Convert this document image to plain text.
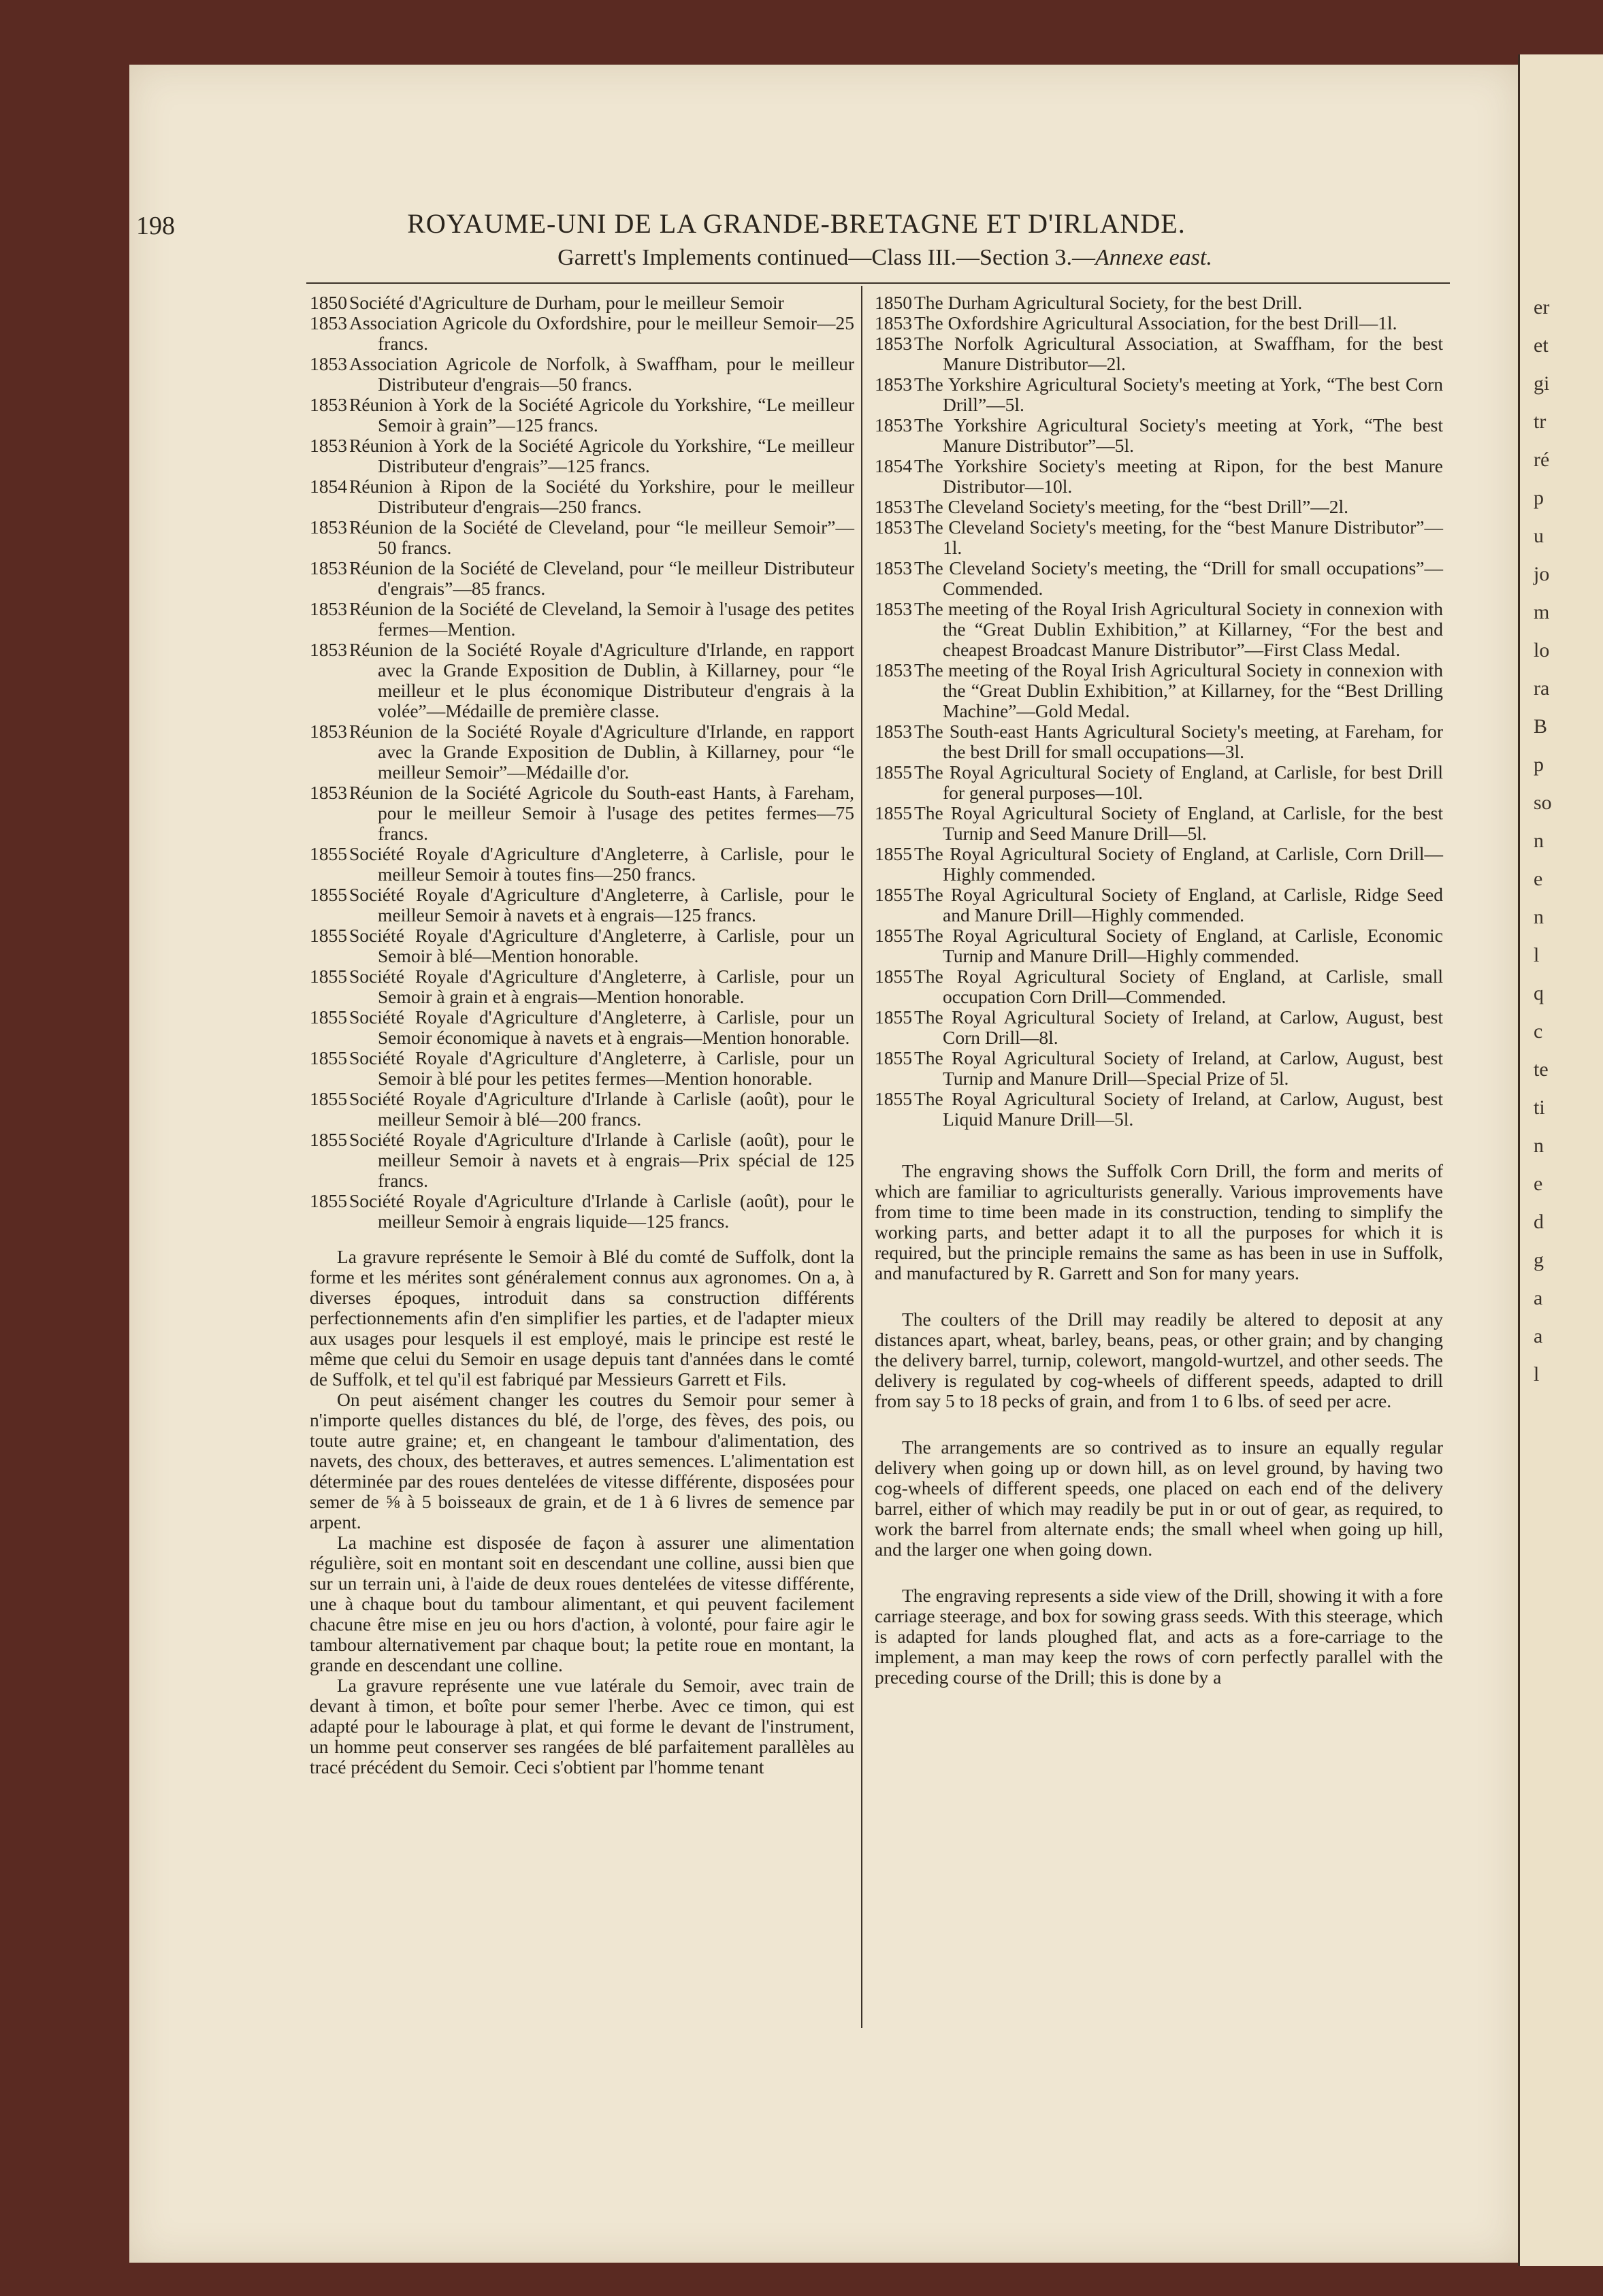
er
et
gi
tr
ré
p
u
jo
m
lo
ra
B
p
so
n
e
n
l
q
c
te
ti
n
e
d
g
a
a
l
198	ROYAUME-UNI DE LA GRANDE-BRETAGNE ET D'IRLANDE.
Garrett's Implements continued—Class III.—Section 3.—Annexe east.
1850 Société d'Agriculture de Durham, pour le meilleur Semoir
1853 Association Agricole du Oxfordshire, pour le meilleur Semoir—25 francs.
1853 Association Agricole de Norfolk, à Swaffham, pour le meilleur Distributeur d'engrais—50 francs.
1853 Réunion à York de la Société Agricole du Yorkshire, “Le meilleur Semoir à grain”—125 francs.
1853 Réunion à York de la Société Agricole du Yorkshire, “Le meilleur Distributeur d'engrais”—125 francs.
1854 Réunion à Ripon de la Société du Yorkshire, pour le meilleur Distributeur d'engrais—250 francs.
1853 Réunion de la Société de Cleveland, pour “le meilleur Semoir”—50 francs.
1853 Réunion de la Société de Cleveland, pour “le meilleur Distributeur d'engrais”—85 francs.
1853 Réunion de la Société de Cleveland, la Semoir à l'usage des petites fermes—Mention.
1853 Réunion de la Société Royale d'Agriculture d'Irlande, en rapport avec la Grande Exposition de Dublin, à Killarney, pour “le meilleur et le plus économique Distributeur d'engrais à la volée”—Médaille de première classe.
1853 Réunion de la Société Royale d'Agriculture d'Irlande, en rapport avec la Grande Exposition de Dublin, à Killarney, pour “le meilleur Semoir”—Médaille d'or.
1853 Réunion de la Société Agricole du South-east Hants, à Fareham, pour le meilleur Semoir à l'usage des petites fermes—75 francs.
1855 Société Royale d'Agriculture d'Angleterre, à Carlisle, pour le meilleur Semoir à toutes fins—250 francs.
1855 Société Royale d'Agriculture d'Angleterre, à Carlisle, pour le meilleur Semoir à navets et à engrais—125 francs.
1855 Société Royale d'Agriculture d'Angleterre, à Carlisle, pour un Semoir à blé—Mention honorable.
1855 Société Royale d'Agriculture d'Angleterre, à Carlisle, pour un Semoir à grain et à engrais—Mention honorable.
1855 Société Royale d'Agriculture d'Angleterre, à Carlisle, pour un Semoir économique à navets et à engrais—Mention honorable.
1855 Société Royale d'Agriculture d'Angleterre, à Carlisle, pour un Semoir à blé pour les petites fermes—Mention honorable.
1855 Société Royale d'Agriculture d'Irlande à Carlisle (août), pour le meilleur Semoir à blé—200 francs.
1855 Société Royale d'Agriculture d'Irlande à Carlisle (août), pour le meilleur Semoir à navets et à engrais—Prix spécial de 125 francs.
1855 Société Royale d'Agriculture d'Irlande à Carlisle (août), pour le meilleur Semoir à engrais liquide—125 francs.

La gravure représente le Semoir à Blé du comté de Suffolk, dont la forme et les mérites sont généralement connus aux agronomes. On a, à diverses époques, introduit dans sa construction différents perfectionnements afin d'en simplifier les parties, et de l'adapter mieux aux usages pour lesquels il est employé, mais le principe est resté le même que celui du Semoir en usage depuis tant d'années dans le comté de Suffolk, et tel qu'il est fabriqué par Messieurs Garrett et Fils.

On peut aisément changer les coutres du Semoir pour semer à n'importe quelles distances du blé, de l'orge, des fèves, des pois, ou toute autre graine; et, en changeant le tambour d'alimentation, des navets, des choux, des betteraves, et autres semences. L'alimentation est déterminée par des roues dentelées de vitesse différente, disposées pour semer de ⅝ à 5 boisseaux de grain, et de 1 à 6 livres de semence par arpent.

La machine est disposée de façon à assurer une alimentation régulière, soit en montant soit en descendant une colline, aussi bien que sur un terrain uni, à l'aide de deux roues dentelées de vitesse différente, une à chaque bout du tambour alimentant, et qui peuvent facilement chacune être mise en jeu ou hors d'action, à volonté, pour faire agir le tambour alternativement par chaque bout; la petite roue en montant, la grande en descendant une colline.

La gravure représente une vue latérale du Semoir, avec train de devant à timon, et boîte pour semer l'herbe. Avec ce timon, qui est adapté pour le labourage à plat, et qui forme le devant de l'instrument, un homme peut conserver ses rangées de blé parfaitement parallèles au tracé précédent du Semoir. Ceci s'obtient par l'homme tenant

1850 The Durham Agricultural Society, for the best Drill.
1853 The Oxfordshire Agricultural Association, for the best Drill—1l.
1853 The Norfolk Agricultural Association, at Swaffham, for the best Manure Distributor—2l.
1853 The Yorkshire Agricultural Society's meeting at York, “The best Corn Drill”—5l.
1853 The Yorkshire Agricultural Society's meeting at York, “The best Manure Distributor”—5l.
1854 The Yorkshire Society's meeting at Ripon, for the best Manure Distributor—10l.
1853 The Cleveland Society's meeting, for the “best Drill”—2l.
1853 The Cleveland Society's meeting, for the “best Manure Distributor”—1l.
1853 The Cleveland Society's meeting, the “Drill for small occupations”—Commended.
1853 The meeting of the Royal Irish Agricultural Society in connexion with the “Great Dublin Exhibition,” at Killarney, “For the best and cheapest Broadcast Manure Distributor”—First Class Medal.
1853 The meeting of the Royal Irish Agricultural Society in connexion with the “Great Dublin Exhibition,” at Killarney, for the “Best Drilling Machine”—Gold Medal.
1853 The South-east Hants Agricultural Society's meeting, at Fareham, for the best Drill for small occupations—3l.
1855 The Royal Agricultural Society of England, at Carlisle, for best Drill for general purposes—10l.
1855 The Royal Agricultural Society of England, at Carlisle, for the best Turnip and Seed Manure Drill—5l.
1855 The Royal Agricultural Society of England, at Carlisle, Corn Drill—Highly commended.
1855 The Royal Agricultural Society of England, at Carlisle, Ridge Seed and Manure Drill—Highly commended.
1855 The Royal Agricultural Society of England, at Carlisle, Economic Turnip and Manure Drill—Highly commended.
1855 The Royal Agricultural Society of England, at Carlisle, small occupation Corn Drill—Commended.
1855 The Royal Agricultural Society of Ireland, at Carlow, August, best Corn Drill—8l.
1855 The Royal Agricultural Society of Ireland, at Carlow, August, best Turnip and Manure Drill—Special Prize of 5l.
1855 The Royal Agricultural Society of Ireland, at Carlow, August, best Liquid Manure Drill—5l.

The engraving shows the Suffolk Corn Drill, the form and merits of which are familiar to agriculturists generally. Various improvements have from time to time been made in its construction, tending to simplify the working parts, and better adapt it to all the purposes for which it is required, but the principle remains the same as has been in use in Suffolk, and manufactured by R. Garrett and Son for many years.

The coulters of the Drill may readily be altered to deposit at any distances apart, wheat, barley, beans, peas, or other grain; and by changing the delivery barrel, turnip, colewort, mangold-wurtzel, and other seeds. The delivery is regulated by cog-wheels of different speeds, adapted to drill from say 5 to 18 pecks of grain, and from 1 to 6 lbs. of seed per acre.

The arrangements are so contrived as to insure an equally regular delivery when going up or down hill, as on level ground, by having two cog-wheels of different speeds, one placed on each end of the delivery barrel, either of which may readily be put in or out of gear, as required, to work the barrel from alternate ends; the small wheel when going up hill, and the larger one when going down.

The engraving represents a side view of the Drill, showing it with a fore carriage steerage, and box for sowing grass seeds. With this steerage, which is adapted for lands ploughed flat, and acts as a fore-carriage to the implement, a man may keep the rows of corn perfectly parallel with the preceding course of the Drill; this is done by a
